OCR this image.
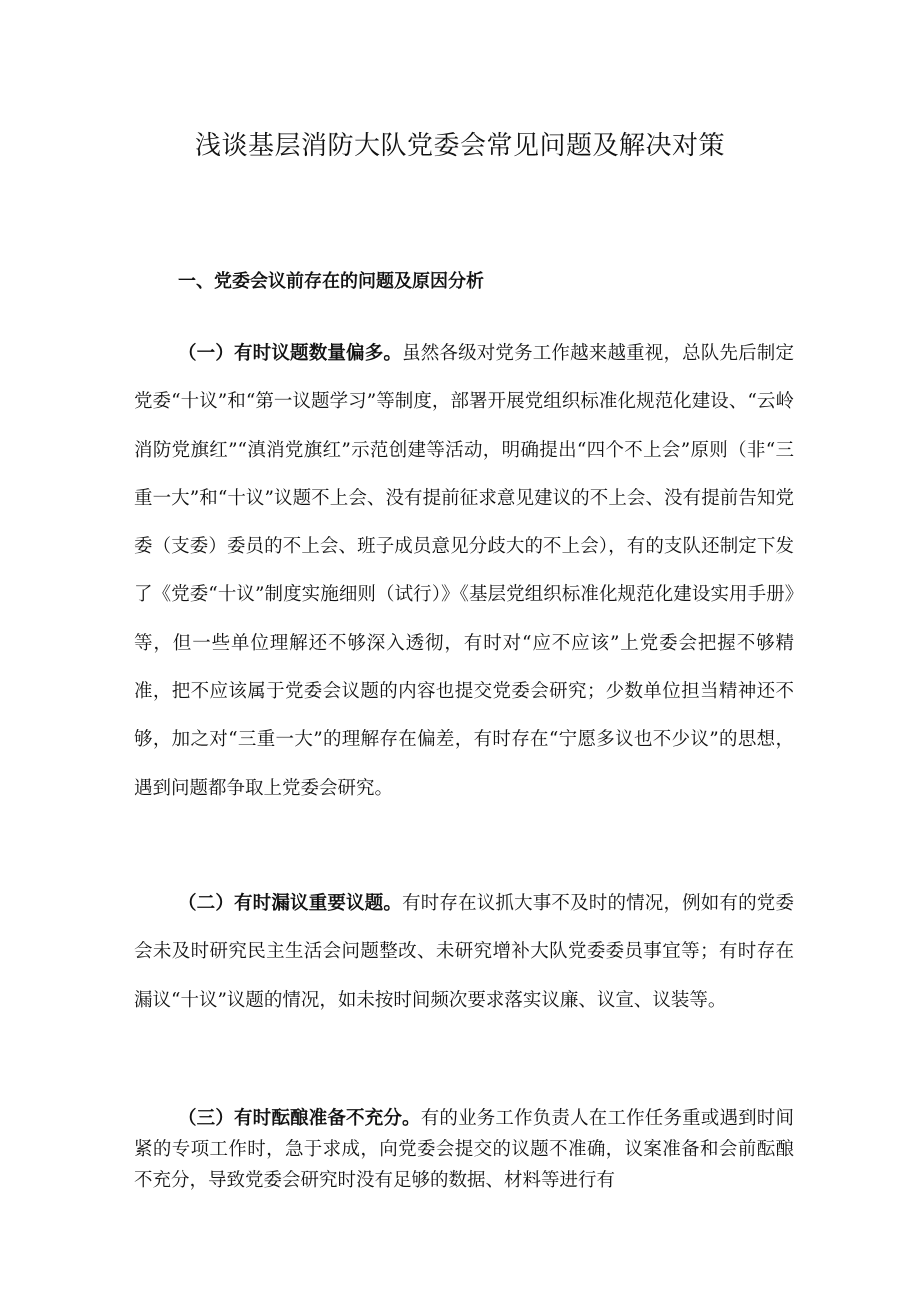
浅谈基层消防大队党委会常见问题及解决对策
一、党委会议前存在的问题及原因分析

（一）有时议题数量偏多。虽然各级对党务工作越来越重视，总队先后制定党委“十议”和“第一议题学习”等制度，部署开展党组织标准化规范化建设、“云岭消防党旗红”“滇消党旗红”示范创建等活动，明确提出“四个不上会”原则（非“三重一大”和“十议”议题不上会、没有提前征求意见建议的不上会、没有提前告知党委（支委）委员的不上会、班子成员意见分歧大的不上会），有的支队还制定下发了《党委“十议”制度实施细则（试行）》《基层党组织标准化规范化建设实用手册》等，但一些单位理解还不够深入透彻，有时对“应不应该”上党委会把握不够精准，把不应该属于党委会议题的内容也提交党委会研究；少数单位担当精神还不够，加之对“三重一大”的理解存在偏差，有时存在“宁愿多议也不少议”的思想，遇到问题都争取上党委会研究。

（二）有时漏议重要议题。有时存在议抓大事不及时的情况，例如有的党委会未及时研究民主生活会问题整改、未研究增补大队党委委员事宜等；有时存在漏议“十议”议题的情况，如未按时间频次要求落实议廉、议宣、议装等。

（三）有时酝酿准备不充分。有的业务工作负责人在工作任务重或遇到时间紧的专项工作时，急于求成，向党委会提交的议题不准确，议案准备和会前酝酿不充分，导致党委会研究时没有足够的数据、材料等进行有
